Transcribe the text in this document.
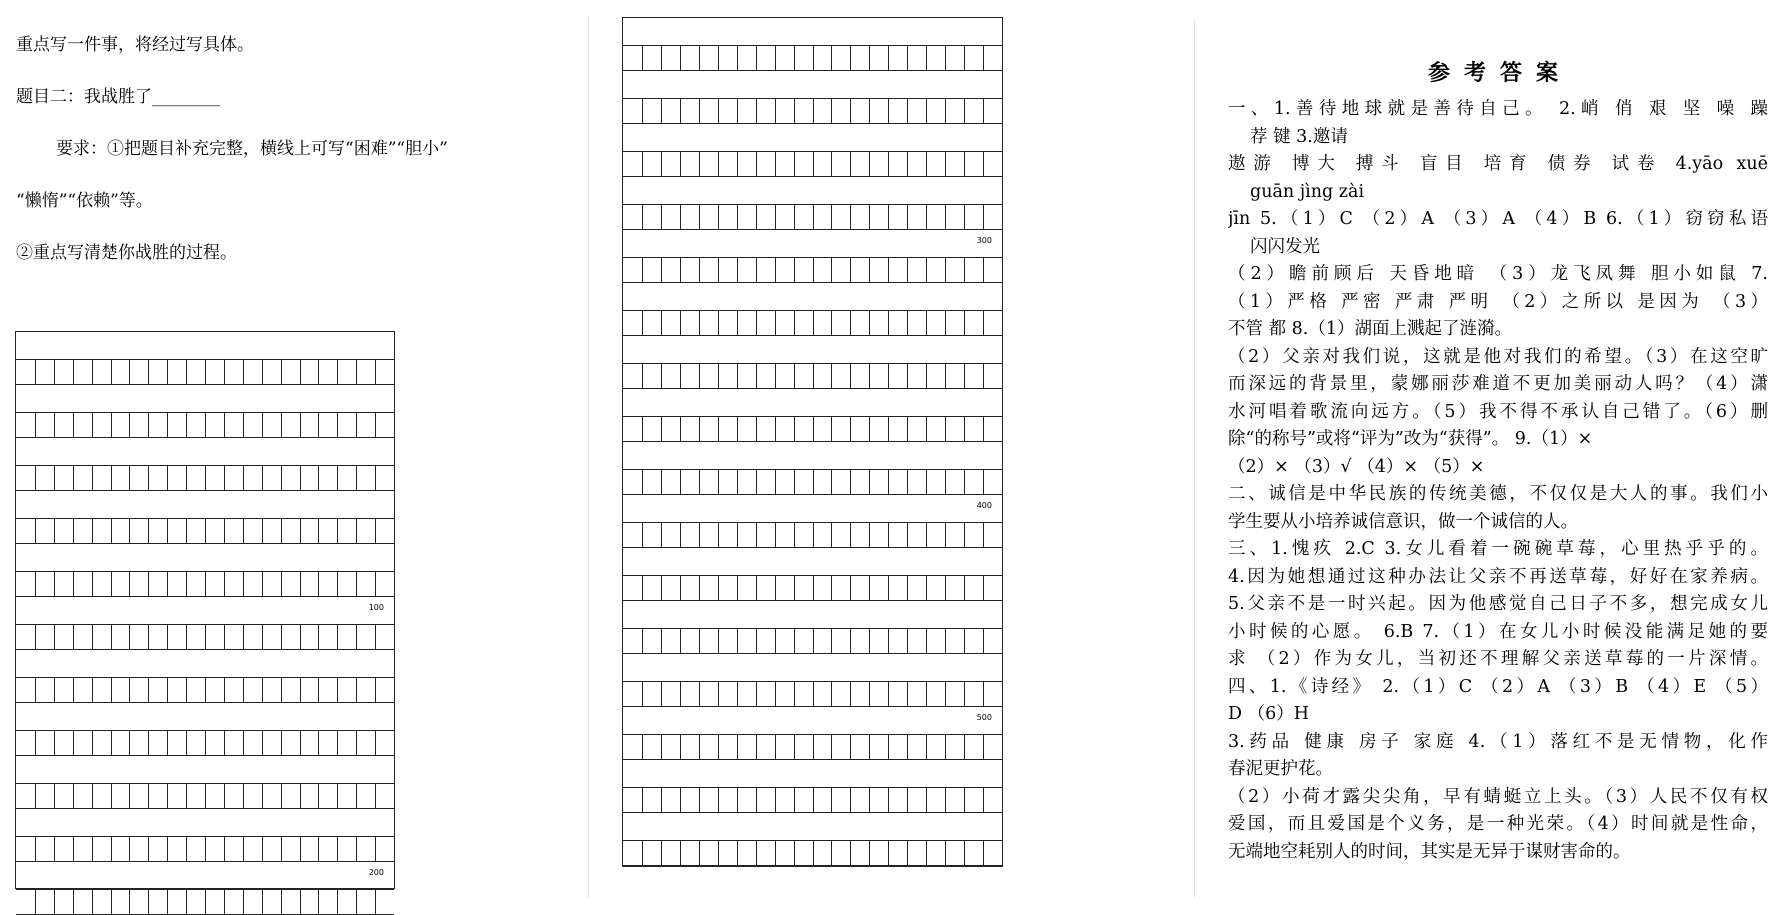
重点写一件事，将经过写具体。
题目二：我战胜了________
要求：①把题目补充完整，横线上可写“困难”“胆小”
“懒惰”“依赖”等。
②重点写清楚你战胜的过程。
100
200
300
400
500
参考答案
一、1.善待地球就是善待自己。 2.峭 俏 艰 坚 噪 躁
荐 键 3.邀请
遨游 博大 搏斗 盲目 培育 债券 试卷 4.yāo xuē
guān jìng zài
jīn 5.（1）C （2）A （3）A （4）B 6.（1）窃窃私语
闪闪发光
（2）瞻前顾后 天昏地暗 （3）龙飞凤舞 胆小如鼠 7.
（1）严格 严密 严肃 严明 （2）之所以 是因为 （3）
不管 都 8.（1）湖面上溅起了涟漪。
（2）父亲对我们说，这就是他对我们的希望。（3）在这空旷
而深远的背景里，蒙娜丽莎难道不更加美丽动人吗？（4）潇
水河唱着歌流向远方。（5）我不得不承认自己错了。（6）删
除“的称号”或将“评为”改为“获得”。 9.（1）×
（2）× （3）√ （4）× （5）×
二、诚信是中华民族的传统美德，不仅仅是大人的事。我们小
学生要从小培养诚信意识，做一个诚信的人。
三、1.愧疚 2.C 3.女儿看着一碗碗草莓，心里热乎乎的。
4.因为她想通过这种办法让父亲不再送草莓，好好在家养病。
5.父亲不是一时兴起。因为他感觉自己日子不多，想完成女儿
小时候的心愿。 6.B 7.（1）在女儿小时候没能满足她的要
求 （2）作为女儿，当初还不理解父亲送草莓的一片深情。
四、1.《诗经》 2.（1）C （2）A （3）B （4）E （5）
D （6）H
3.药品 健康 房子 家庭 4.（1）落红不是无情物，化作
春泥更护花。
（2）小荷才露尖尖角，早有蜻蜓立上头。（3）人民不仅有权
爱国，而且爱国是个义务，是一种光荣。（4）时间就是性命，
无端地空耗别人的时间，其实是无异于谋财害命的。
